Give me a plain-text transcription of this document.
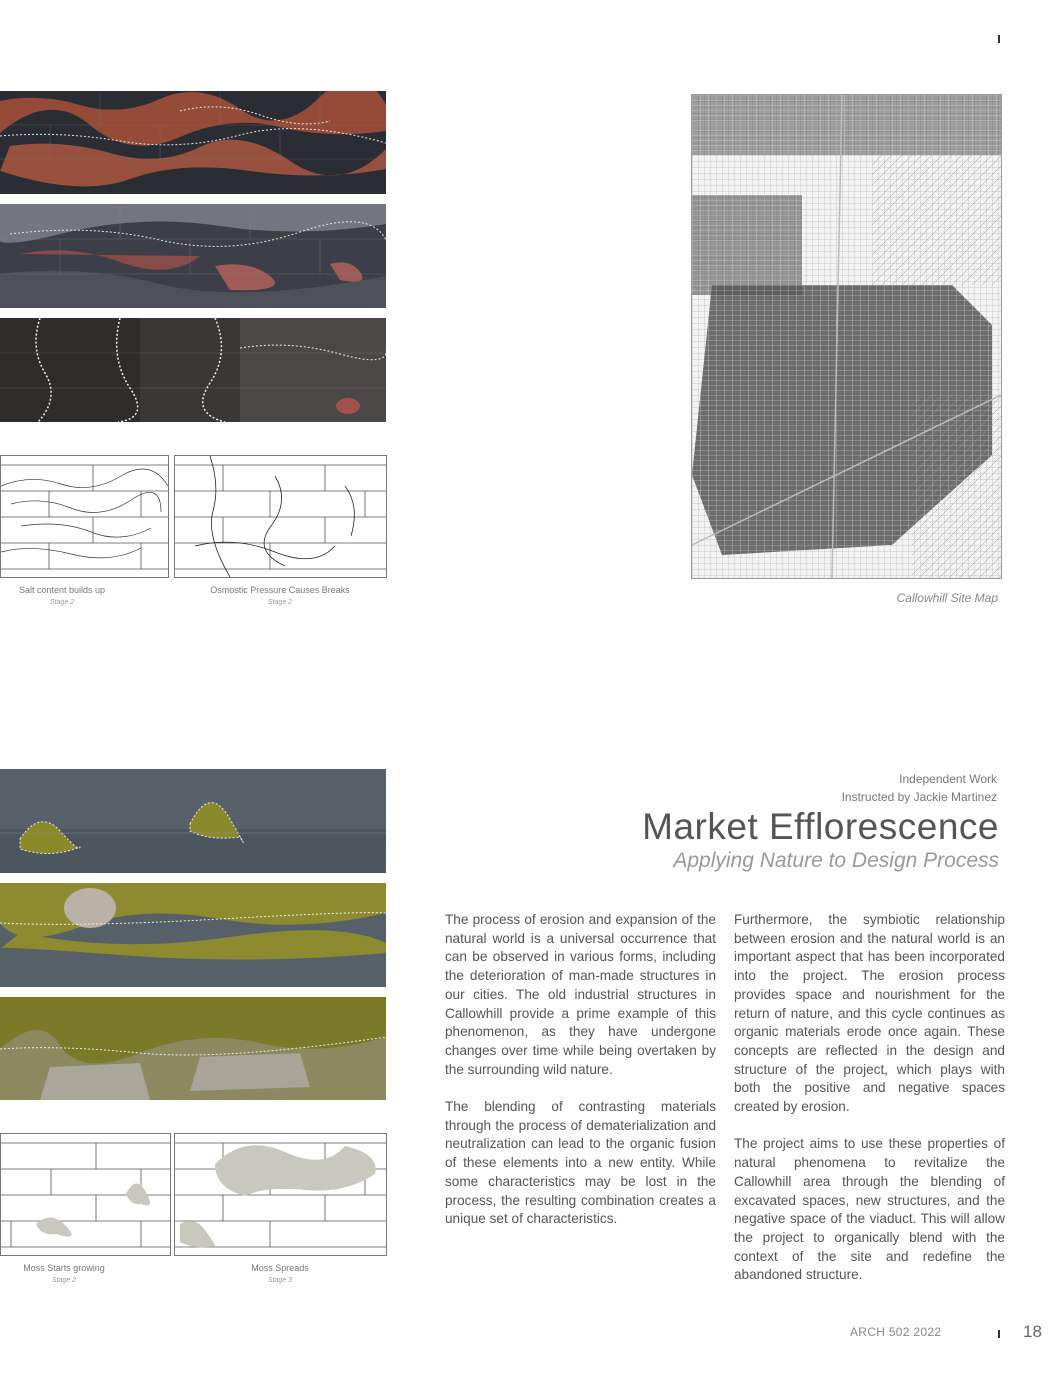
Salt content builds up
Stage 2
Osmostic Pressure Causes Breaks
Stage 2	Callowhill Site Map
Moss Starts growing
Stage 2
Moss Spreads
Stage 3
Independent Work
Instructed by Jackie Martinez
Market Efflorescence
Applying Nature to Design Process

The process of erosion and expansion of the natural world is a universal occurrence that can be observed in various forms, including the deterioration of man-made structures in our cities. The old industrial structures in Callowhill provide a prime example of this phenomenon, as they have undergone changes over time while being overtaken by the surrounding wild nature.

The blending of contrasting materials through the process of dematerialization and neutralization can lead to the organic fusion of these elements into a new entity. While some characteristics may be lost in the process, the resulting combination creates a unique set of characteristics.

Furthermore, the symbiotic relationship between erosion and the natural world is an important aspect that has been incorporated into the project. The erosion process provides space and nourishment for the return of nature, and this cycle continues as organic materials erode once again. These concepts are reflected in the design and structure of the project, which plays with both the positive and negative spaces created by erosion.

The project aims to use these properties of natural phenomena to revitalize the Callowhill area through the blending of excavated spaces, new structures, and the negative space of the viaduct. This will allow the project to organically blend with the context of the site and redefine the abandoned structure.

ARCH 502 2022	18
